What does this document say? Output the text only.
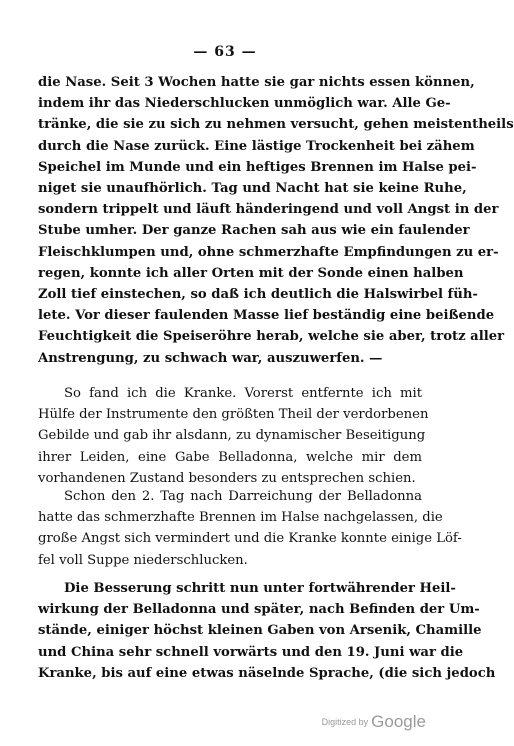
— 63 —
die Nase. Seit 3 Wochen hatte sie gar nichts essen können,
indem ihr das Niederschlucken unmöglich war. Alle Ge-
tränke, die sie zu sich zu nehmen versucht, gehen meistentheils
durch die Nase zurück. Eine lästige Trockenheit bei zähem
Speichel im Munde und ein heftiges Brennen im Halse pei-
niget sie unaufhörlich. Tag und Nacht hat sie keine Ruhe,
sondern trippelt und läuft händeringend und voll Angst in der
Stube umher. Der ganze Rachen sah aus wie ein faulender
Fleischklumpen und, ohne schmerzhafte Empfindungen zu er-
regen, konnte ich aller Orten mit der Sonde einen halben
Zoll tief einstechen, so daß ich deutlich die Halswirbel füh-
lete. Vor dieser faulenden Masse lief beständig eine beißende
Feuchtigkeit die Speiseröhre herab, welche sie aber, trotz aller
Anstrengung, zu schwach war, auszuwerfen. —
So fand ich die Kranke. Vorerst entfernte ich mit
Hülfe der Instrumente den größten Theil der verdorbenen
Gebilde und gab ihr alsdann, zu dynamischer Beseitigung
ihrer Leiden, eine Gabe Belladonna, welche mir dem
vorhandenen Zustand besonders zu entsprechen schien.
Schon den 2. Tag nach Darreichung der Belladonna
hatte das schmerzhafte Brennen im Halse nachgelassen, die
große Angst sich vermindert und die Kranke konnte einige Löf-
fel voll Suppe niederschlucken.
Die Besserung schritt nun unter fortwährender Heil-
wirkung der Belladonna und später, nach Befinden der Um-
stände, einiger höchst kleinen Gaben von Arsenik, Chamille
und China sehr schnell vorwärts und den 19. Juni war die
Kranke, bis auf eine etwas näselnde Sprache, (die sich jedoch
Digitized by Google
